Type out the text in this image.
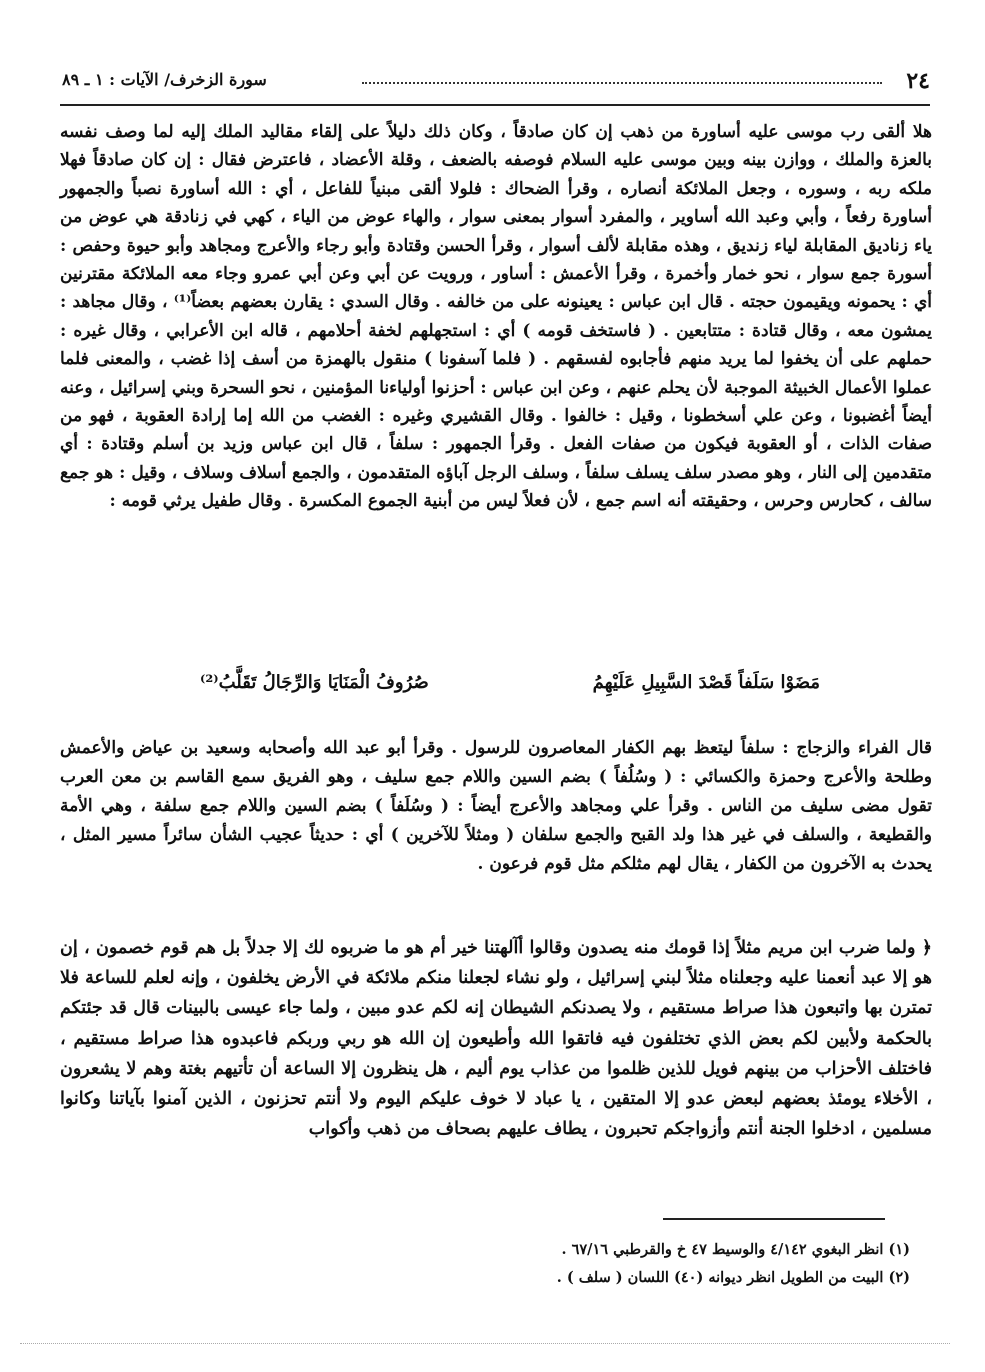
٢٤
سورة الزخرف/ الآيات : ١ ـ ٨٩

هلا ألقى رب موسى عليه أساورة من ذهب إن كان صادقاً ، وكان ذلك دليلاً على إلقاء مقاليد الملك إليه لما وصف نفسه بالعزة والملك ، ووازن بينه وبين موسى عليه السلام فوصفه بالضعف ، وقلة الأعضاد ، فاعترض فقال : إن كان صادقاً فهلا ملكه ربه ، وسوره ، وجعل الملائكة أنصاره ، وقرأ الضحاك : فلولا ألقى مبنياً للفاعل ، أي : الله أساورة نصباً والجمهور أساورة رفعاً ، وأبي وعبد الله أساوير ، والمفرد أسوار بمعنى سوار ، والهاء عوض من الياء ، كهي في زنادقة هي عوض من ياء زناديق المقابلة لياء زنديق ، وهذه مقابلة لألف أسوار ، وقرأ الحسن وقتادة وأبو رجاء والأعرج ومجاهد وأبو حيوة وحفص : أسورة جمع سوار ، نحو خمار وأخمرة ، وقرأ الأعمش : أساور ، ورويت عن أبي وعن أبي عمرو وجاء معه الملائكة مقترنين أي : يحمونه ويقيمون حجته . قال ابن عباس : يعينونه على من خالفه . وقال السدي : يقارن بعضهم بعضاً⁽¹⁾ ، وقال مجاهد : يمشون معه ، وقال قتادة : متتابعين . ( فاستخف قومه ) أي : استجهلهم لخفة أحلامهم ، قاله ابن الأعرابي ، وقال غيره : حملهم على أن يخفوا لما يريد منهم فأجابوه لفسقهم . ( فلما آسفونا ) منقول بالهمزة من أسف إذا غضب ، والمعنى فلما عملوا الأعمال الخبيثة الموجبة لأن يحلم عنهم ، وعن ابن عباس : أحزنوا أولياءنا المؤمنين ، نحو السحرة وبني إسرائيل ، وعنه أيضاً أغضبونا ، وعن علي أسخطونا ، وقيل : خالفوا . وقال القشيري وغيره : الغضب من الله إما إرادة العقوبة ، فهو من صفات الذات ، أو العقوبة فيكون من صفات الفعل . وقرأ الجمهور : سلفاً ، قال ابن عباس وزيد بن أسلم وقتادة : أي متقدمين إلى النار ، وهو مصدر سلف يسلف سلفاً ، وسلف الرجل آباؤه المتقدمون ، والجمع أسلاف وسلاف ، وقيل : هو جمع سالف ، كحارس وحرس ، وحقيقته أنه اسم جمع ، لأن فعلاً ليس من أبنية الجموع المكسرة . وقال طفيل يرثي قومه :

مَضَوْا سَلَفاً قَصْدَ السَّبِيلِ عَلَيْهِمُ
صُرُوفُ الْمَنَايَا وَالرِّجَالُ تَقَلَّبُ⁽²⁾

قال الفراء والزجاج : سلفاً ليتعظ بهم الكفار المعاصرون للرسول . وقرأ أبو عبد الله وأصحابه وسعيد بن عياض والأعمش وطلحة والأعرج وحمزة والكسائي : ( وسُلُفاً ) بضم السين واللام جمع سليف ، وهو الفريق سمع القاسم بن معن العرب تقول مضى سليف من الناس . وقرأ علي ومجاهد والأعرج أيضاً : ( وسُلَفاً ) بضم السين واللام جمع سلفة ، وهي الأمة والقطيعة ، والسلف في غير هذا ولد القبح والجمع سلفان ( ومثلاً للآخرين ) أي : حديثاً عجيب الشأن سائراً مسير المثل ، يحدث به الآخرون من الكفار ، يقال لهم مثلكم مثل قوم فرعون .

﴿ ولما ضرب ابن مريم مثلاً إذا قومك منه يصدون وقالوا أآلهتنا خير أم هو ما ضربوه لك إلا جدلاً بل هم قوم خصمون ، إن هو إلا عبد أنعمنا عليه وجعلناه مثلاً لبني إسرائيل ، ولو نشاء لجعلنا منكم ملائكة في الأرض يخلفون ، وإنه لعلم للساعة فلا تمترن بها واتبعون هذا صراط مستقيم ، ولا يصدنكم الشيطان إنه لكم عدو مبين ، ولما جاء عيسى بالبينات قال قد جئتكم بالحكمة ولأبين لكم بعض الذي تختلفون فيه فاتقوا الله وأطيعون إن الله هو ربي وربكم فاعبدوه هذا صراط مستقيم ، فاختلف الأحزاب من بينهم فويل للذين ظلموا من عذاب يوم أليم ، هل ينظرون إلا الساعة أن تأتيهم بغتة وهم لا يشعرون ، الأخلاء يومئذ بعضهم لبعض عدو إلا المتقين ، يا عباد لا خوف عليكم اليوم ولا أنتم تحزنون ، الذين آمنوا بآياتنا وكانوا مسلمين ، ادخلوا الجنة أنتم وأزواجكم تحبرون ، يطاف عليهم بصحاف من ذهب وأكواب

(١) انظر البغوي ٤/١٤٢ والوسيط ٤٧ خ والقرطبي ٦٧/١٦ .
(٢) البيت من الطويل انظر ديوانه (٤٠) اللسان ( سلف ) .
